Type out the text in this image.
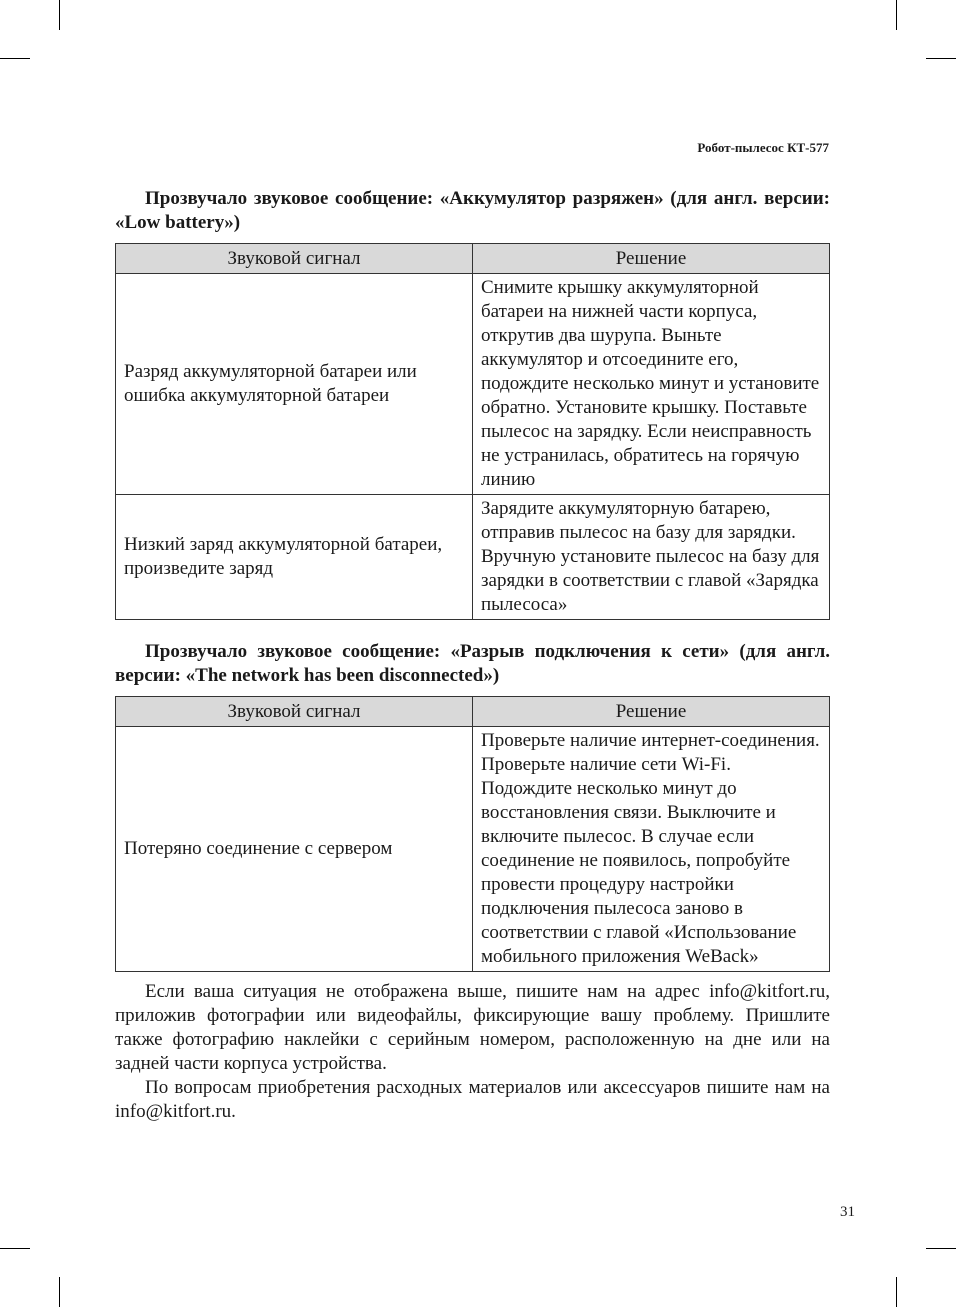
Робот-пылесос КТ-577

Прозвучало звуковое сообщение: «Аккумулятор разряжен» (для англ. версии: «Low battery»)

Звуковой сигнал	Решение
Разряд аккумуляторной батареи или ошибка аккумуляторной батареи	Снимите крышку аккумуляторной батареи на нижней части корпуса, открутив два шурупа. Выньте аккумулятор и отсоедините его, подождите несколько минут и установите обратно. Установите крышку. Поставьте пылесос на зарядку. Если неисправность не устранилась, обратитесь на горячую линию
Низкий заряд аккумуляторной батареи, произведите заряд	Зарядите аккумуляторную батарею, отправив пылесос на базу для зарядки. Вручную установите пылесос на базу для зарядки в соответствии с главой «Зарядка пылесоса»

Прозвучало звуковое сообщение: «Разрыв подключения к сети» (для англ. версии: «The network has been disconnected»)

Звуковой сигнал	Решение
Потеряно соединение с сервером	Проверьте наличие интернет-соединения. Проверьте наличие сети Wi-Fi. Подождите несколько минут до восстановления связи. Выключите и включите пылесос. В случае если соединение не появилось, попробуйте провести процедуру настройки подключения пылесоса заново в соответствии с главой «Использование мобильного приложения WeBack»

Если ваша ситуация не отображена выше, пишите нам на адрес info@kitfort.ru, приложив фотографии или видеофайлы, фиксирующие вашу проблему. Пришлите также фотографию наклейки с серийным номером, расположенную на дне или на задней части корпуса устройства.

По вопросам приобретения расходных материалов или аксессуаров пишите нам на info@kitfort.ru.

31
